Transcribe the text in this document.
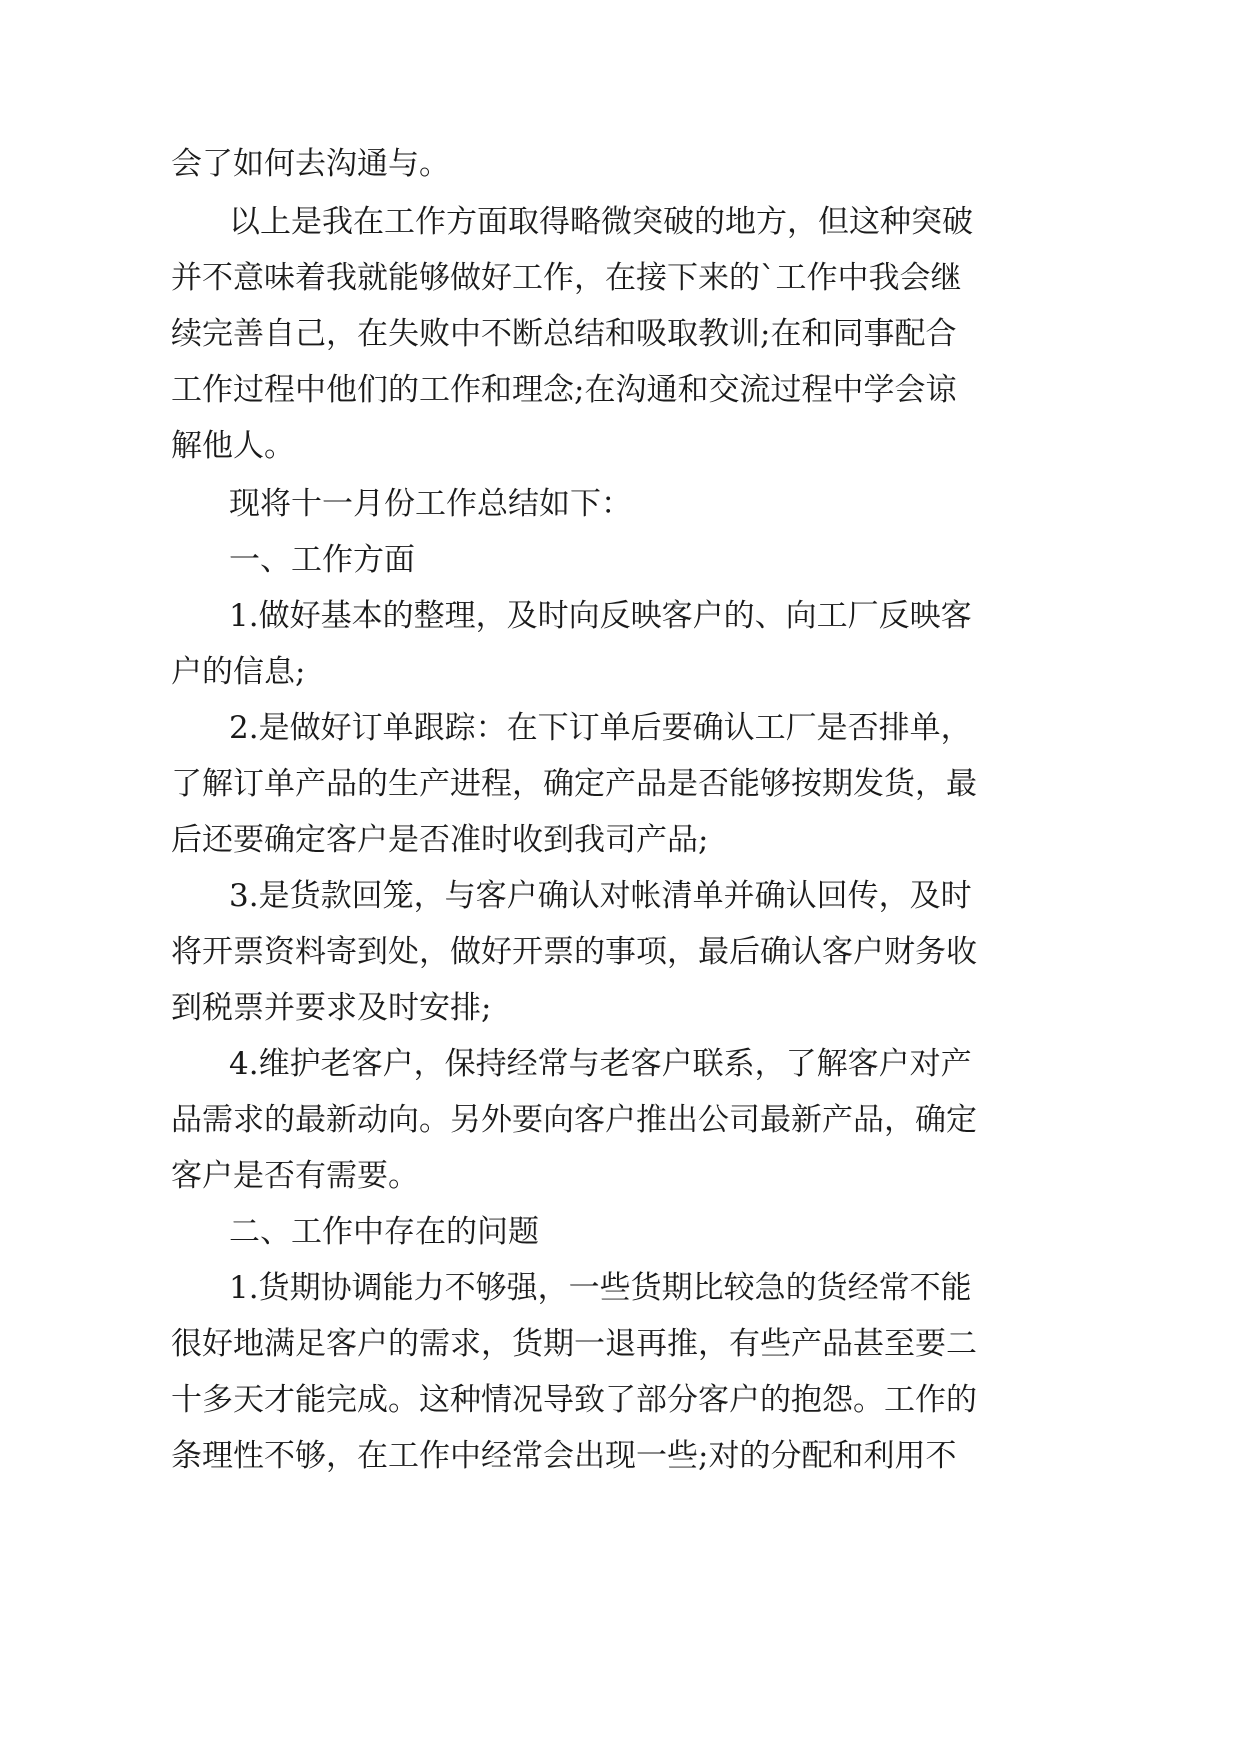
会了如何去沟通与。
以上是我在工作方面取得略微突破的地方，但这种突破
并不意味着我就能够做好工作，在接下来的`工作中我会继
续完善自己，在失败中不断总结和吸取教训;在和同事配合
工作过程中他们的工作和理念;在沟通和交流过程中学会谅
解他人。
现将十一月份工作总结如下：
一、工作方面
1.做好基本的整理，及时向反映客户的、向工厂反映客
户的信息;
2.是做好订单跟踪：在下订单后要确认工厂是否排单，
了解订单产品的生产进程，确定产品是否能够按期发货，最
后还要确定客户是否准时收到我司产品;
3.是货款回笼，与客户确认对帐清单并确认回传，及时
将开票资料寄到处，做好开票的事项，最后确认客户财务收
到税票并要求及时安排;
4.维护老客户，保持经常与老客户联系，了解客户对产
品需求的最新动向。另外要向客户推出公司最新产品，确定
客户是否有需要。
二、工作中存在的问题
1.货期协调能力不够强，一些货期比较急的货经常不能
很好地满足客户的需求，货期一退再推，有些产品甚至要二
十多天才能完成。这种情况导致了部分客户的抱怨。工作的
条理性不够，在工作中经常会出现一些;对的分配和利用不
